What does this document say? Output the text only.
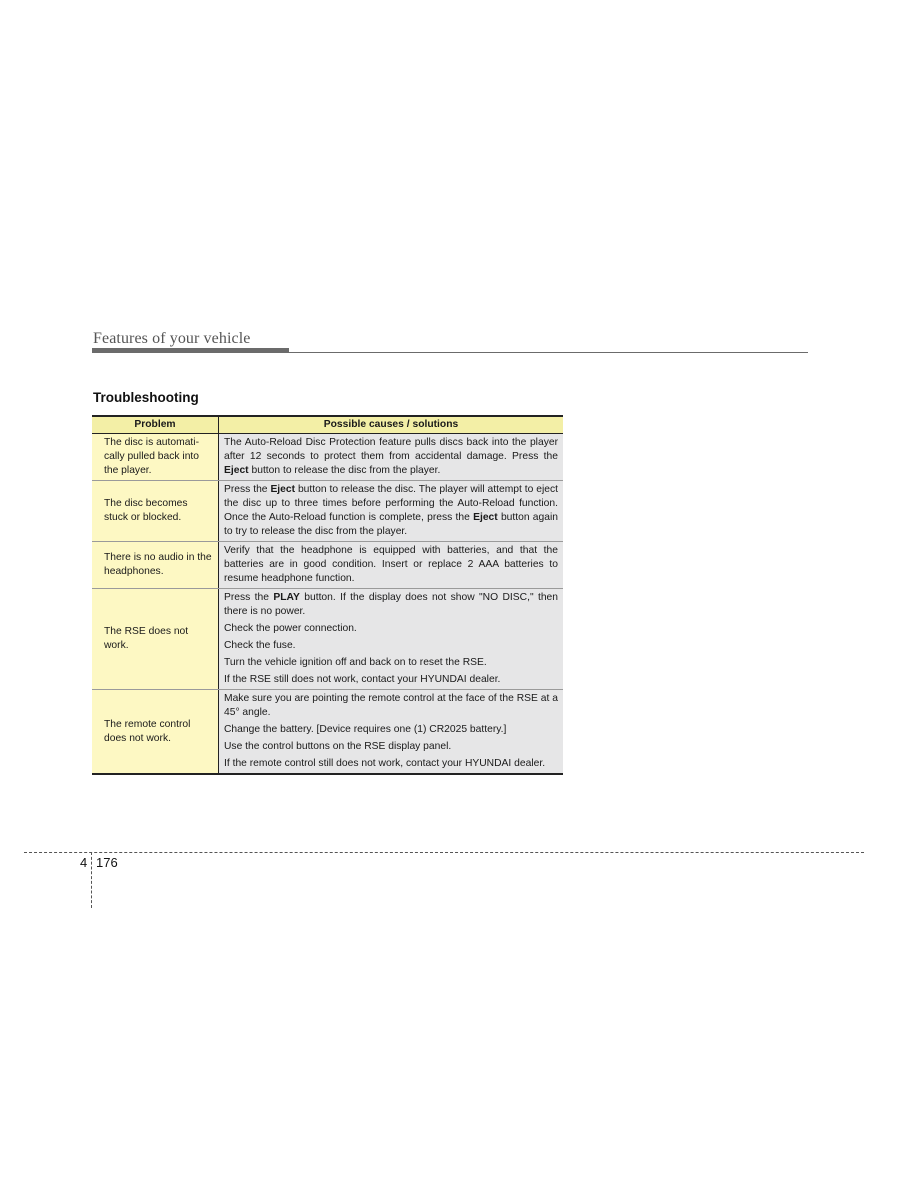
Features of your vehicle
Troubleshooting
Problem	Possible causes / solutions
The disc is automati-cally pulled back into the player.	The Auto-Reload Disc Protection feature pulls discs back into the player after 12 seconds to protect them from accidental damage. Press the Eject button to release the disc from the player.

The disc becomes stuck or blocked.	Press the Eject button to release the disc. The player will attempt to eject the disc up to three times before performing the Auto-Reload function. Once the Auto-Reload function is complete, press the Eject button again to try to release the disc from the player.

There is no audio in the headphones.	Verify that the headphone is equipped with batteries, and that the batteries are in good condition. Insert or replace 2 AAA batteries to resume headphone function.

The RSE does not work.	Press the PLAY button. If the display does not show "NO DISC," then there is no power.
Check the power connection.
Check the fuse.
Turn the vehicle ignition off and back on to reset the RSE.
If the RSE still does not work, contact your HYUNDAI dealer.

The remote control does not work.	Make sure you are pointing the remote control at the face of the RSE at a 45° angle.
Change the battery. [Device requires one (1) CR2025 battery.]
Use the control buttons on the RSE display panel.
If the remote control still does not work, contact your HYUNDAI dealer.
4 176
